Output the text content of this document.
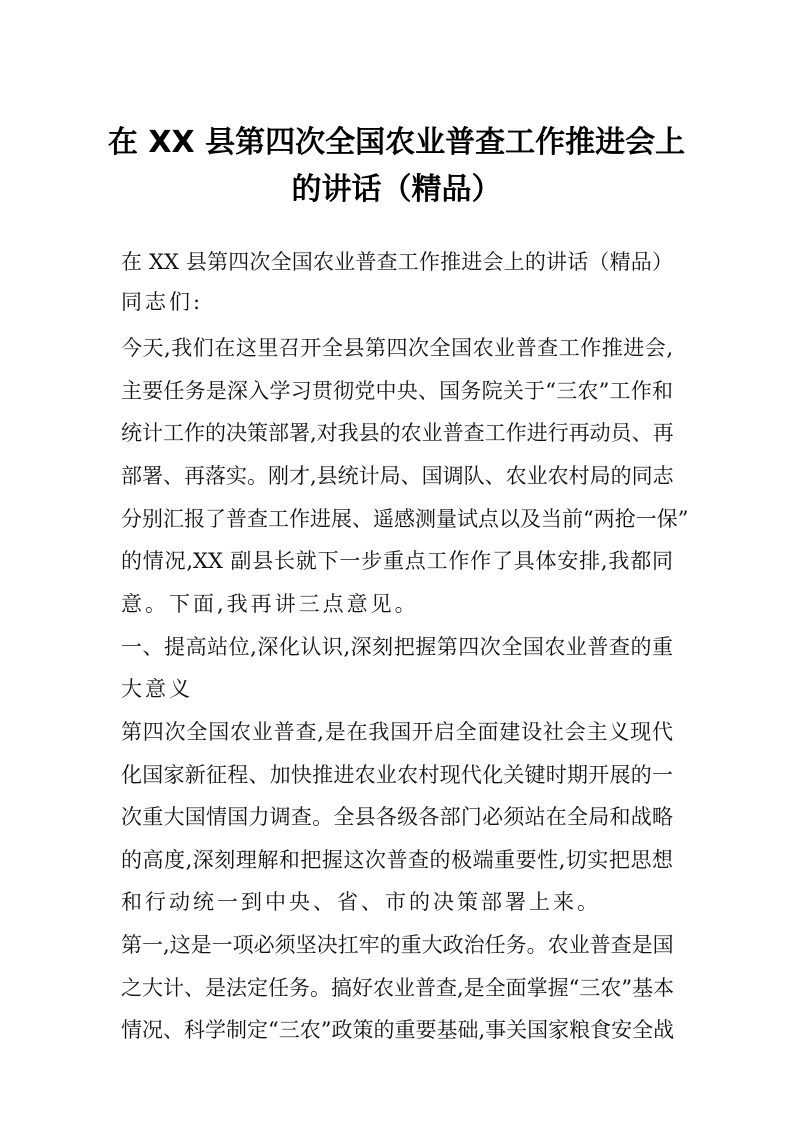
在 XX 县第四次全国农业普查工作推进会上
的讲话（精品）
在 XX 县第四次全国农业普查工作推进会上的讲话（精品）
同志们:
今天,我们在这里召开全县第四次全国农业普查工作推进会,
主要任务是深入学习贯彻党中央、国务院关于“三农”工作和
统计工作的决策部署,对我县的农业普查工作进行再动员、再
部署、再落实。刚才,县统计局、国调队、农业农村局的同志
分别汇报了普查工作进展、遥感测量试点以及当前“两抢一保”
的情况,XX 副县长就下一步重点工作作了具体安排,我都同
意。下面,我再讲三点意见。
一、提高站位,深化认识,深刻把握第四次全国农业普查的重
大意义
第四次全国农业普查,是在我国开启全面建设社会主义现代
化国家新征程、加快推进农业农村现代化关键时期开展的一
次重大国情国力调查。全县各级各部门必须站在全局和战略
的高度,深刻理解和把握这次普查的极端重要性,切实把思想
和行动统一到中央、省、市的决策部署上来。
第一,这是一项必须坚决扛牢的重大政治任务。农业普查是国
之大计、是法定任务。搞好农业普查,是全面掌握“三农”基本
情况、科学制定“三农”政策的重要基础,事关国家粮食安全战
